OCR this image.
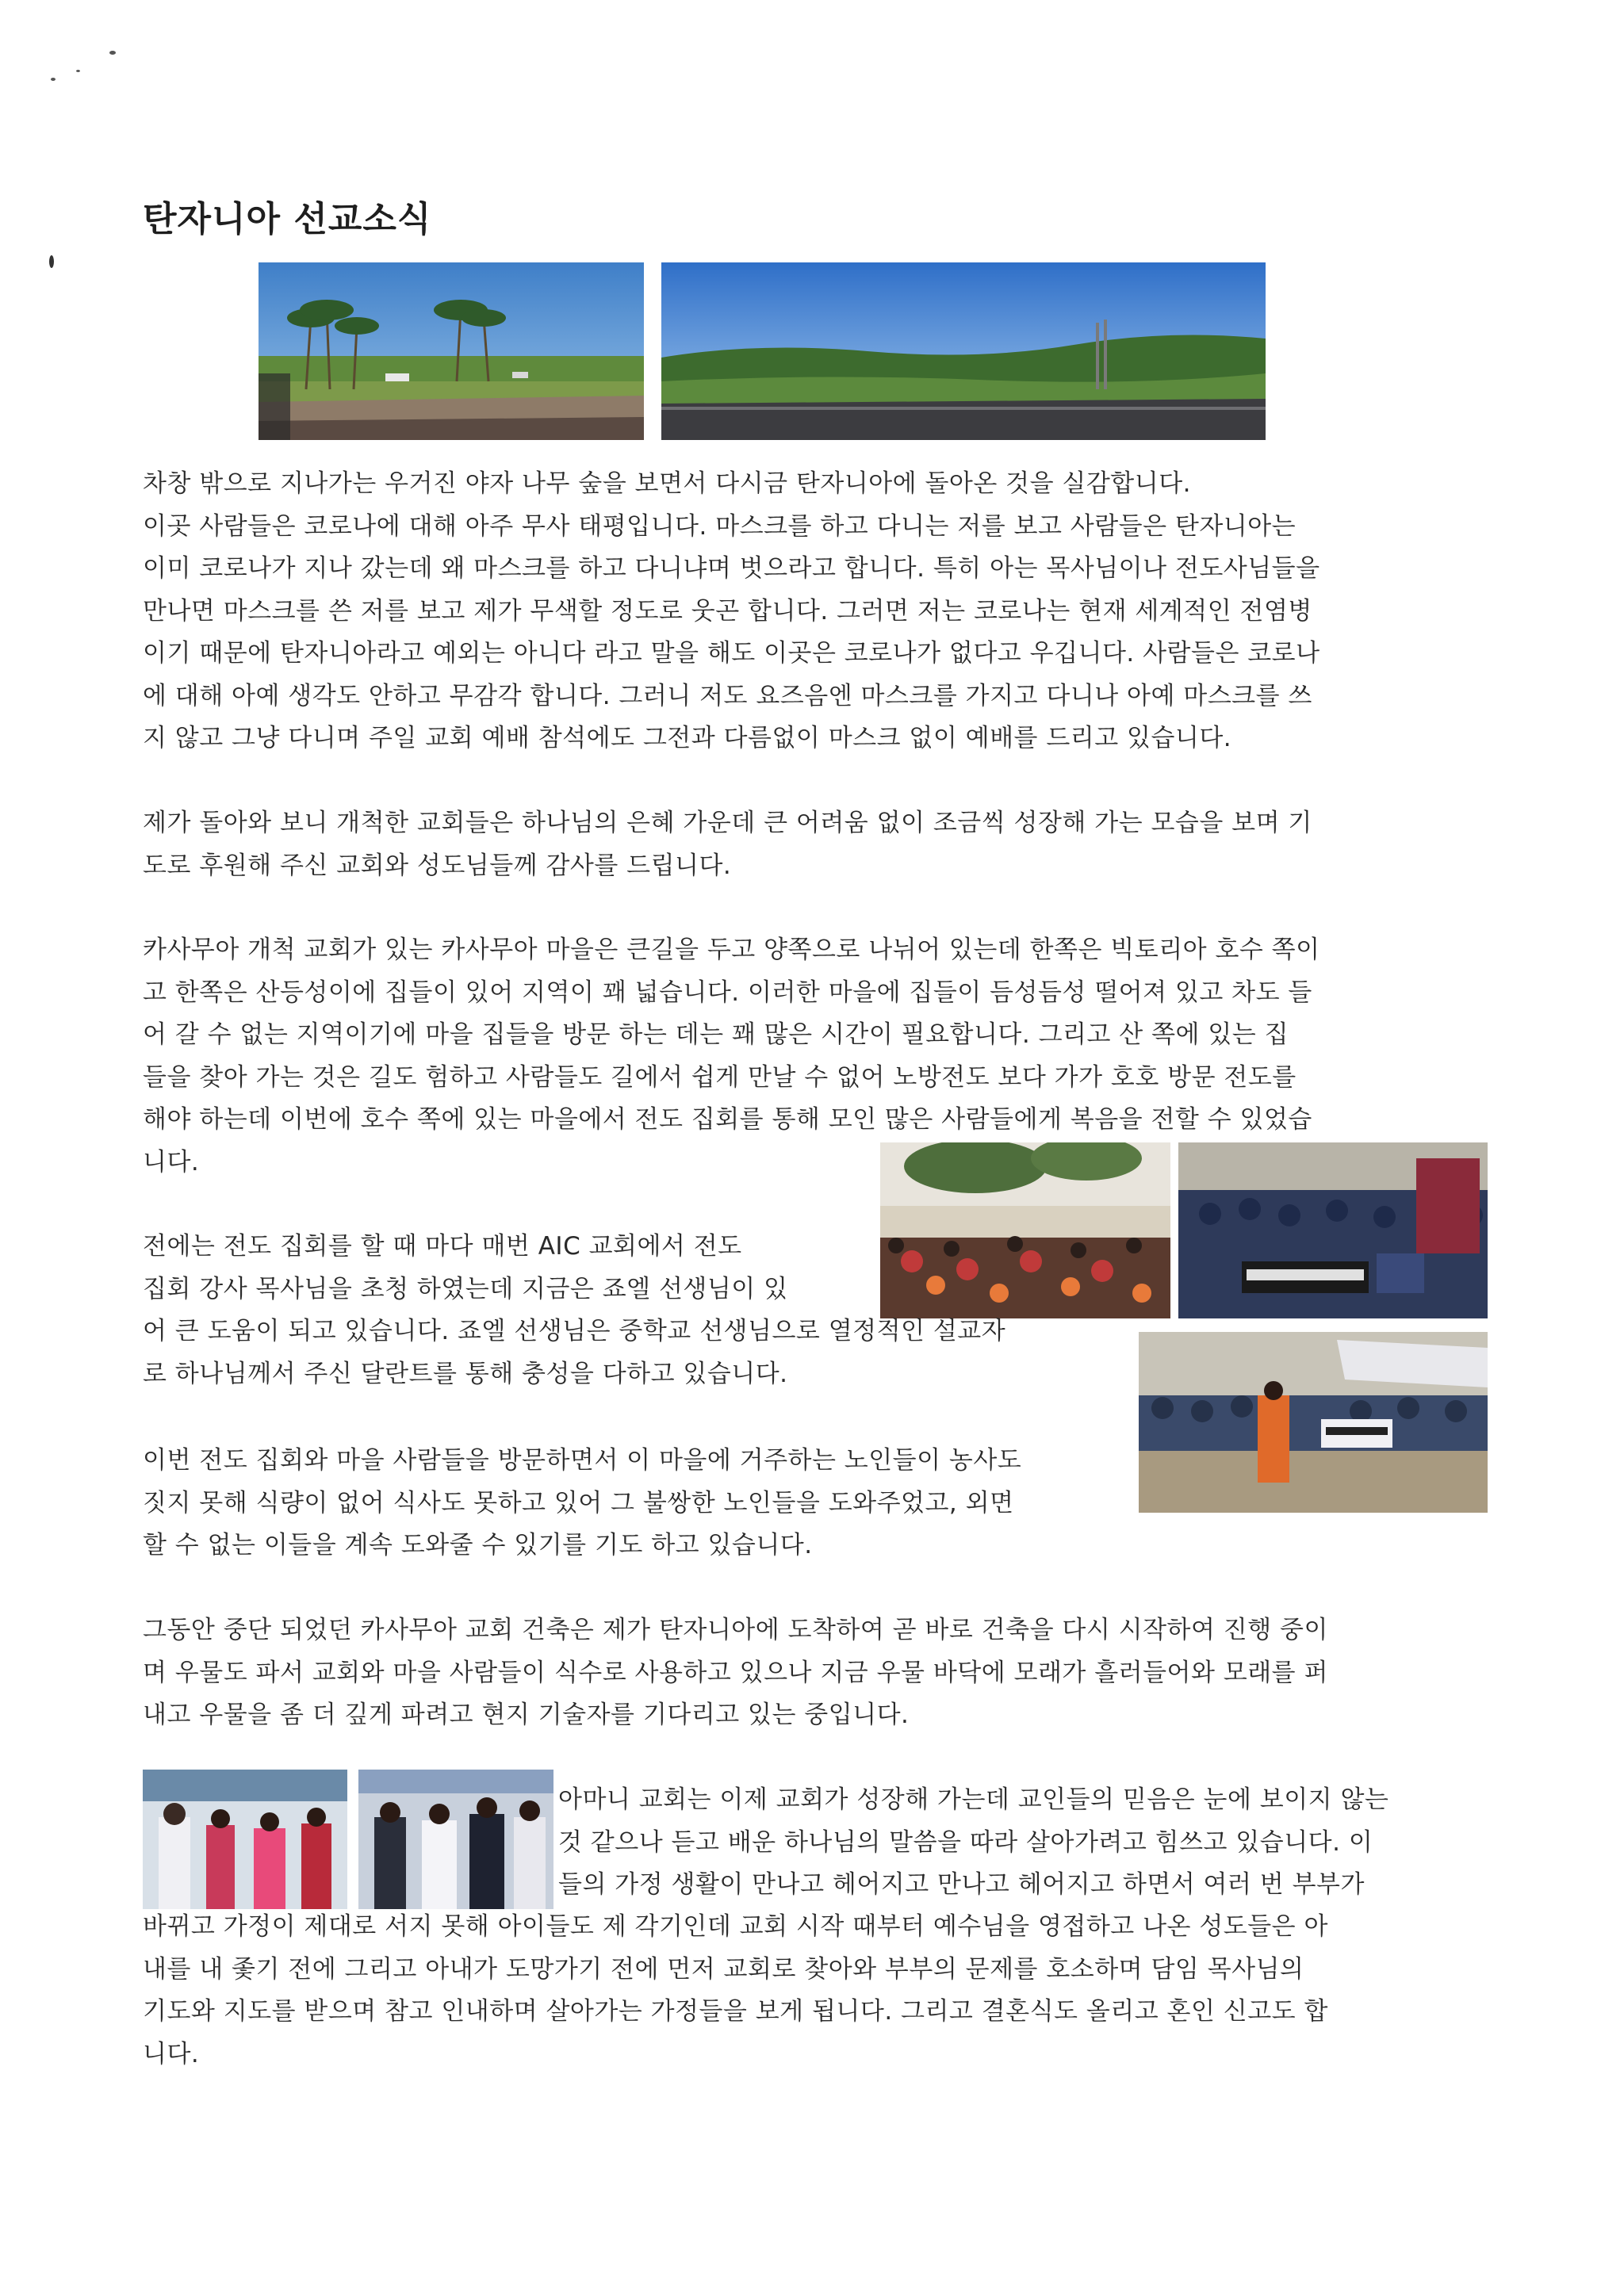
탄자니아 선교소식
차창 밖으로 지나가는 우거진 야자 나무 숲을 보면서 다시금 탄자니아에 돌아온 것을 실감합니다.
이곳 사람들은 코로나에 대해 아주 무사 태평입니다. 마스크를 하고 다니는 저를 보고 사람들은 탄자니아는
이미 코로나가 지나 갔는데 왜 마스크를 하고 다니냐며 벗으라고 합니다. 특히 아는 목사님이나 전도사님들을
만나면 마스크를 쓴 저를 보고 제가 무색할 정도로 웃곤 합니다. 그러면 저는 코로나는 현재 세계적인 전염병
이기 때문에 탄자니아라고 예외는 아니다 라고 말을 해도 이곳은 코로나가 없다고 우깁니다. 사람들은 코로나
에 대해 아예 생각도 안하고 무감각 합니다. 그러니 저도 요즈음엔 마스크를 가지고 다니나 아예 마스크를 쓰
지 않고 그냥 다니며 주일 교회 예배 참석에도 그전과 다름없이 마스크 없이 예배를 드리고 있습니다.
제가 돌아와 보니 개척한 교회들은 하나님의 은혜 가운데 큰 어려움 없이 조금씩 성장해 가는 모습을 보며 기
도로 후원해 주신 교회와 성도님들께 감사를 드립니다.
카사무아 개척 교회가 있는 카사무아 마을은 큰길을 두고 양쪽으로 나뉘어 있는데 한쪽은 빅토리아 호수 쪽이
고 한쪽은 산등성이에 집들이 있어 지역이 꽤 넓습니다. 이러한 마을에 집들이 듬성듬성 떨어져 있고 차도 들
어 갈 수 없는 지역이기에 마을 집들을 방문 하는 데는 꽤 많은 시간이 필요합니다. 그리고 산 쪽에 있는 집
들을 찾아 가는 것은 길도 험하고 사람들도 길에서 쉽게 만날 수 없어 노방전도 보다 가가 호호 방문 전도를
해야 하는데 이번에 호수 쪽에 있는 마을에서 전도 집회를 통해 모인 많은 사람들에게 복음을 전할 수 있었습
니다.
전에는 전도 집회를 할 때 마다 매번 AIC 교회에서 전도
집회 강사 목사님을 초청 하였는데 지금은 죠엘 선생님이 있
어 큰 도움이 되고 있습니다. 죠엘 선생님은 중학교 선생님으로 열정적인 설교자
로 하나님께서 주신 달란트를 통해 충성을 다하고 있습니다.
이번 전도 집회와 마을 사람들을 방문하면서 이 마을에 거주하는 노인들이 농사도
짓지 못해 식량이 없어 식사도 못하고 있어 그 불쌍한 노인들을 도와주었고, 외면
할 수 없는 이들을 계속 도와줄 수 있기를 기도 하고 있습니다.
그동안 중단 되었던 카사무아 교회 건축은 제가 탄자니아에 도착하여 곧 바로 건축을 다시 시작하여 진행 중이
며 우물도 파서 교회와 마을 사람들이 식수로 사용하고 있으나 지금 우물 바닥에 모래가 흘러들어와 모래를 퍼
내고 우물을 좀 더 깊게 파려고 현지 기술자를 기다리고 있는 중입니다.
아마니 교회는 이제 교회가 성장해 가는데 교인들의 믿음은 눈에 보이지 않는
것 같으나 듣고 배운 하나님의 말씀을 따라 살아가려고 힘쓰고 있습니다. 이
들의 가정 생활이 만나고 헤어지고 만나고 헤어지고 하면서 여러 번 부부가
바뀌고 가정이 제대로 서지 못해 아이들도 제 각기인데 교회 시작 때부터 예수님을 영접하고 나온 성도들은 아
내를 내 좇기 전에 그리고 아내가 도망가기 전에 먼저 교회로 찾아와 부부의 문제를 호소하며 담임 목사님의
기도와 지도를 받으며 참고 인내하며 살아가는 가정들을 보게 됩니다. 그리고 결혼식도 올리고 혼인 신고도 합
니다.
